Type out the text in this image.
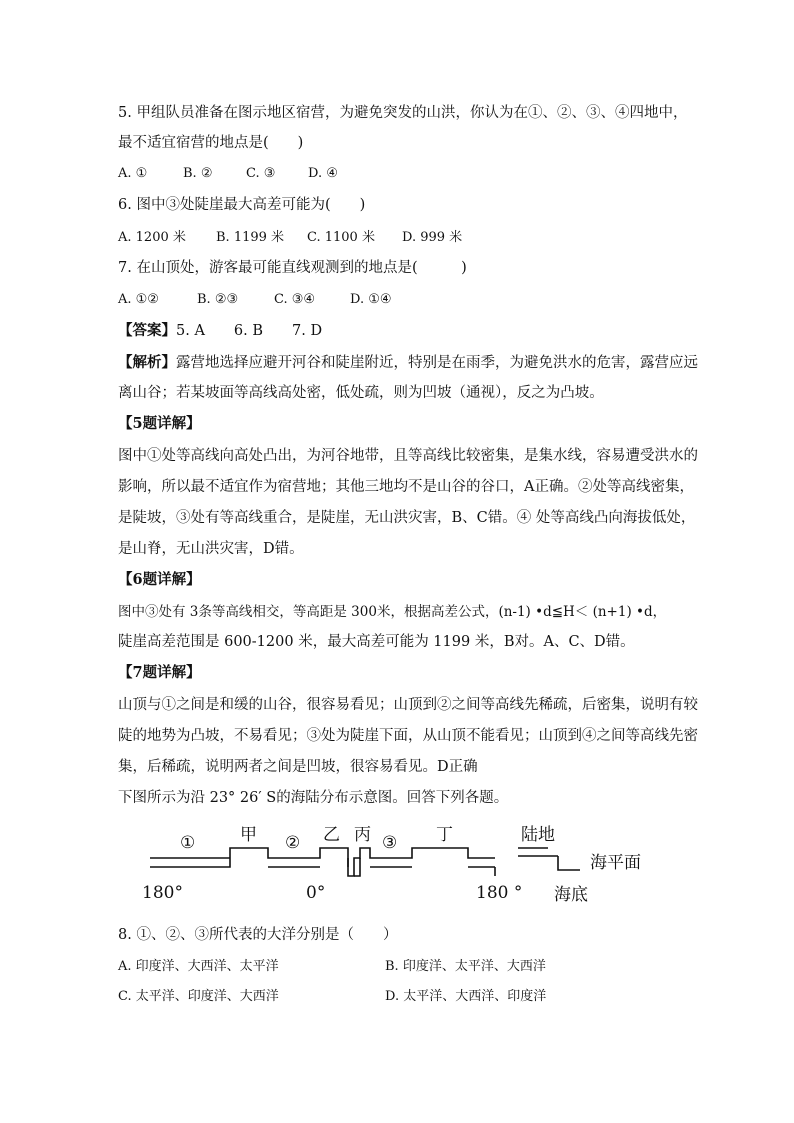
5. 甲组队员准备在图示地区宿营，为避免突发的山洪，你认为在①、②、③、④四地中，
最不适宜宿营的地点是(　　)
A. ①	B. ②	C. ③	D. ④
6. 图中③处陡崖最大高差可能为(　　)
A. 1200 米 B. 1199 米 C. 1100 米 D. 999 米
7. 在山顶处，游客最可能直线观测到的地点是(　　　)
A. ①②	B. ②③	C. ③④	D. ①④
【答案】5. A　　6. B　　7. D
【解析】露营地选择应避开河谷和陡崖附近，特别是在雨季，为避免洪水的危害，露营应远
离山谷；若某坡面等高线高处密，低处疏，则为凹坡（通视），反之为凸坡。
【5题详解】
图中①处等高线向高处凸出，为河谷地带，且等高线比较密集，是集水线，容易遭受洪水的
影响，所以最不适宜作为宿营地；其他三地均不是山谷的谷口，A正确。②处等高线密集，
是陡坡，③处有等高线重合，是陡崖，无山洪灾害，B、C错。④ 处等高线凸向海拔低处，
是山脊，无山洪灾害，D错。
【6题详解】
图中③处有 3条等高线相交，等高距是 300米，根据高差公式，(n-1) •d≦H＜ (n+1) •d，
陡崖高差范围是 600-1200 米，最大高差可能为 1199 米，B对。A、C、D错。
【7题详解】
山顶与①之间是和缓的山谷，很容易看见；山顶到②之间等高线先稀疏，后密集，说明有较
陡的地势为凸坡，不易看见；③处为陡崖下面，从山顶不能看见；山顶到④之间等高线先密
集，后稀疏，说明两者之间是凹坡，很容易看见。D正确
下图所示为沿 23° 26′ S的海陆分布示意图。回答下列各题。
①	甲 ② 乙 丙 ③ 丁	陆地
海平面
海底
180°	0°	180 °
8. ①、②、③所代表的大洋分别是（　　）
A. 印度洋、大西洋、太平洋	B. 印度洋、太平洋、大西洋
C. 太平洋、印度洋、大西洋	D. 太平洋、大西洋、印度洋
